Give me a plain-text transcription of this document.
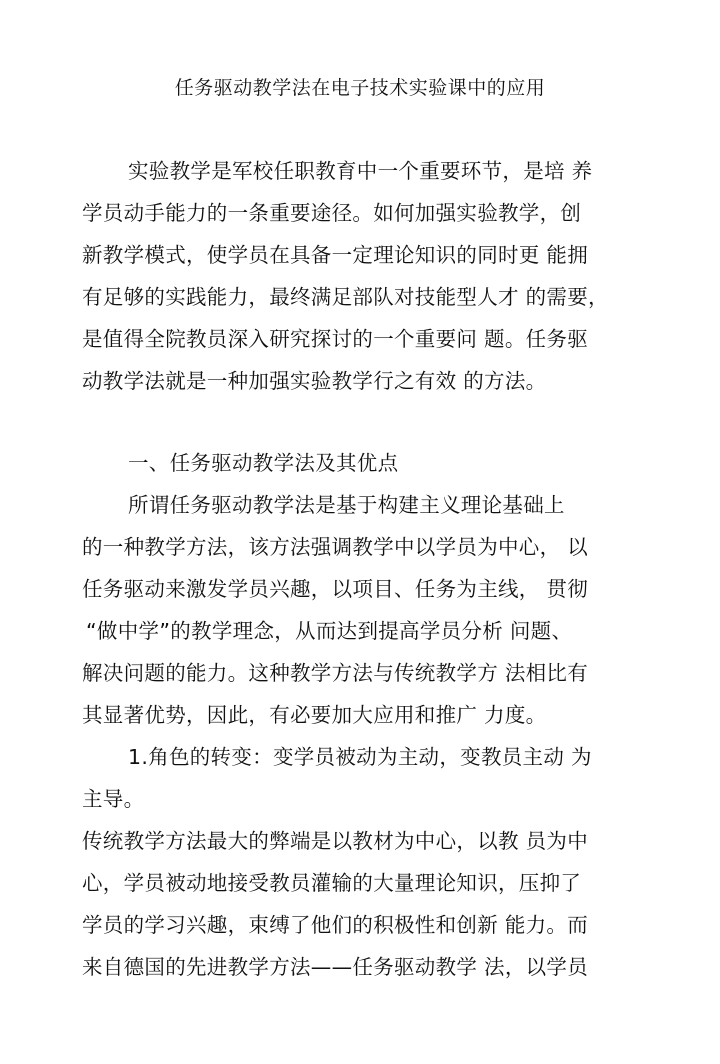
任务驱动教学法在电子技术实验课中的应用
实验教学是军校任职教育中一个重要环节，是培 养
学员动手能力的一条重要途径。如何加强实验教学，创
新教学模式，使学员在具备一定理论知识的同时更 能拥
有足够的实践能力，最终满足部队对技能型人才 的需要，
是值得全院教员深入研究探讨的一个重要问 题。任务驱
动教学法就是一种加强实验教学行之有效 的方法。
一、任务驱动教学法及其优点
所谓任务驱动教学法是基于构建主义理论基础上
的一种教学方法，该方法强调教学中以学员为中心， 以
任务驱动来激发学员兴趣，以项目、任务为主线， 贯彻
“做中学”的教学理念，从而达到提高学员分析 问题、
解决问题的能力。这种教学方法与传统教学方 法相比有
其显著优势，因此，有必要加大应用和推广 力度。
1.角色的转变：变学员被动为主动，变教员主动 为
主导。
传统教学方法最大的弊端是以教材为中心，以教 员为中
心，学员被动地接受教员灌输的大量理论知识，压抑了
学员的学习兴趣，束缚了他们的积极性和创新 能力。而
来自德国的先进教学方法——任务驱动教学 法，以学员
